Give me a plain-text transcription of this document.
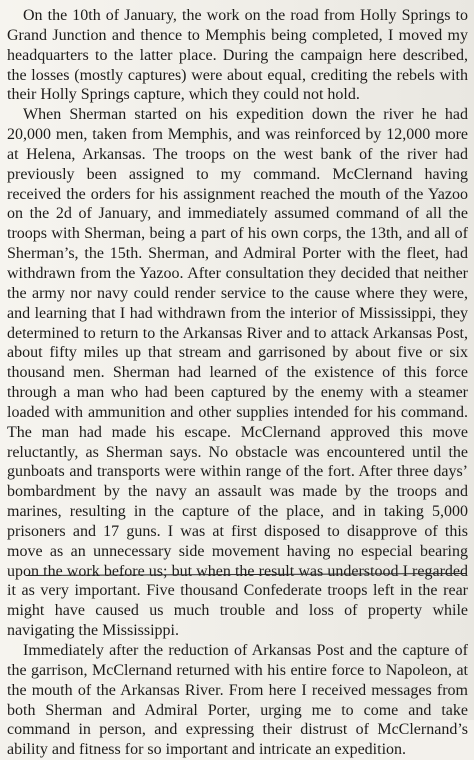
On the 10th of January, the work on the road from Holly Springs to Grand Junction and thence to Memphis being completed, I moved my headquarters to the latter place. During the campaign here described, the losses (mostly captures) were about equal, crediting the rebels with their Holly Springs capture, which they could not hold.

When Sherman started on his expedition down the river he had 20,000 men, taken from Memphis, and was reinforced by 12,000 more at Helena, Arkansas. The troops on the west bank of the river had previously been assigned to my command. McClernand having received the orders for his assignment reached the mouth of the Yazoo on the 2d of January, and immediately assumed command of all the troops with Sherman, being a part of his own corps, the 13th, and all of Sherman’s, the 15th. Sherman, and Admiral Porter with the fleet, had withdrawn from the Yazoo. After consultation they decided that neither the army nor navy could render service to the cause where they were, and learning that I had withdrawn from the interior of Mississippi, they determined to return to the Arkansas River and to attack Arkansas Post, about fifty miles up that stream and garrisoned by about five or six thousand men. Sherman had learned of the existence of this force through a man who had been captured by the enemy with a steamer loaded with ammunition and other supplies intended for his command. The man had made his escape. McClernand approved this move reluctantly, as Sherman says. No obstacle was encountered until the gunboats and transports were within range of the fort. After three days’ bombardment by the navy an assault was made by the troops and marines, resulting in the capture of the place, and in taking 5,000 prisoners and 17 guns. I was at first disposed to disapprove of this move as an unnecessary side movement having no especial bearing upon the work before us; but when the result was understood I regarded it as very important. Five thousand Confederate troops left in the rear might have caused us much trouble and loss of property while navigating the Mississippi.

Immediately after the reduction of Arkansas Post and the capture of the garrison, McClernand returned with his entire force to Napoleon, at the mouth of the Arkansas River. From here I received messages from both Sherman and Admiral Porter, urging me to come and take command in person, and expressing their distrust of McClernand’s ability and fitness for so important and intricate an expedition.
